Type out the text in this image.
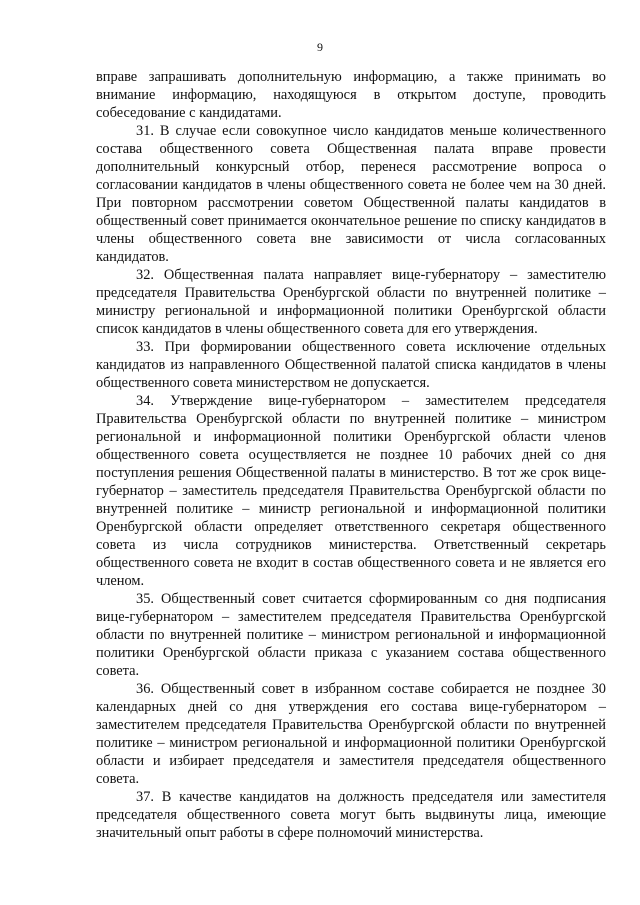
9

вправе запрашивать дополнительную информацию, а также принимать во внимание информацию, находящуюся в открытом доступе, проводить собеседование с кандидатами.

31. В случае если совокупное число кандидатов меньше количественного состава общественного совета Общественная палата вправе провести дополнительный конкурсный отбор, перенеся рассмотрение вопроса о согласовании кандидатов в члены общественного совета не более чем на 30 дней. При повторном рассмотрении советом Общественной палаты кандидатов в общественный совет принимается окончательное решение по списку кандидатов в члены общественного совета вне зависимости от числа согласованных кандидатов.

32. Общественная палата направляет вице-губернатору – заместителю председателя Правительства Оренбургской области по внутренней политике – министру региональной и информационной политики Оренбургской области список кандидатов в члены общественного совета для его утверждения.

33. При формировании общественного совета исключение отдельных кандидатов из направленного Общественной палатой списка кандидатов в члены общественного совета министерством не допускается.

34. Утверждение вице-губернатором – заместителем председателя Правительства Оренбургской области по внутренней политике – министром региональной и информационной политики Оренбургской области членов общественного совета осуществляется не позднее 10 рабочих дней со дня поступления решения Общественной палаты в министерство. В тот же срок вице-губернатор – заместитель председателя Правительства Оренбургской области по внутренней политике – министр региональной и информационной политики Оренбургской области определяет ответственного секретаря общественного совета из числа сотрудников министерства. Ответственный секретарь общественного совета не входит в состав общественного совета и не является его членом.

35. Общественный совет считается сформированным со дня подписания вице-губернатором – заместителем председателя Правительства Оренбургской области по внутренней политике – министром региональной и информационной политики Оренбургской области приказа с указанием состава общественного совета.

36. Общественный совет в избранном составе собирается не позднее 30 календарных дней со дня утверждения его состава вице-губернатором – заместителем председателя Правительства Оренбургской области по внутренней политике – министром региональной и информационной политики Оренбургской области и избирает председателя и заместителя председателя общественного совета.

37. В качестве кандидатов на должность председателя или заместителя председателя общественного совета могут быть выдвинуты лица, имеющие значительный опыт работы в сфере полномочий министерства.
